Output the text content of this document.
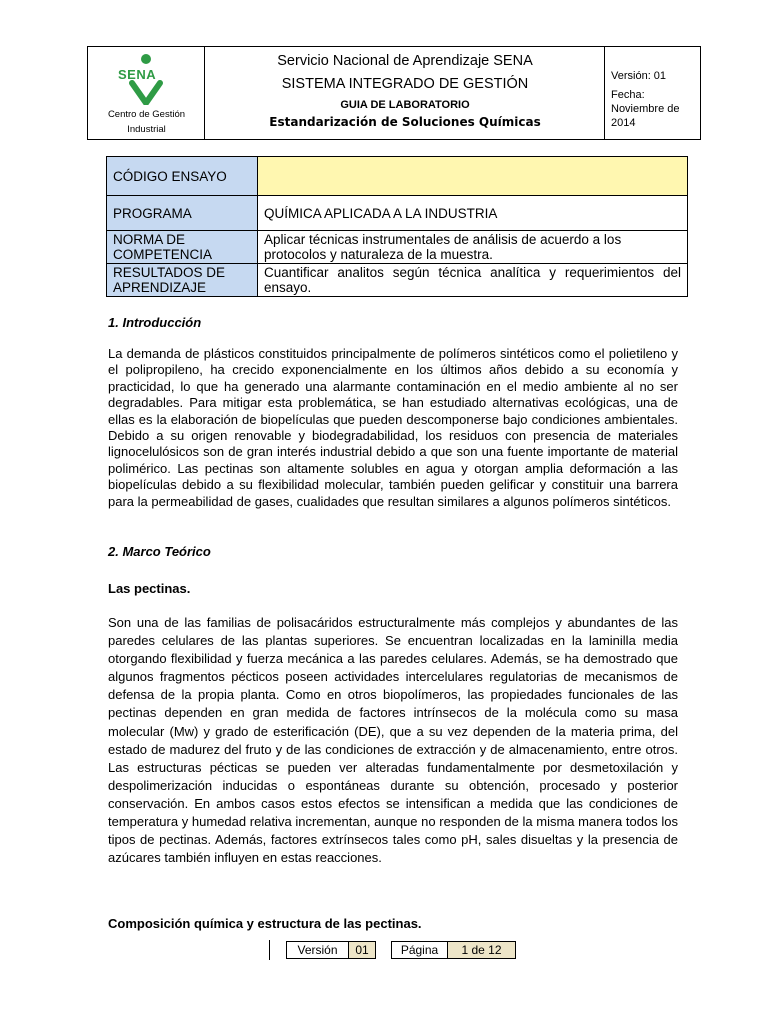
SENA
Centro de Gestión Industrial
Servicio Nacional de Aprendizaje SENA
SISTEMA INTEGRADO DE GESTIÓN
GUIA DE LABORATORIO
Estandarización de Soluciones Químicas
Versión: 01
Fecha:
Noviembre de 2014
CÓDIGO ENSAYO	
PROGRAMA	QUÍMICA APLICADA A LA INDUSTRIA
NORMA DE COMPETENCIA	Aplicar técnicas instrumentales de análisis de acuerdo a los protocolos y naturaleza de la muestra.
RESULTADOS DE APRENDIZAJE	Cuantificar analitos según técnica analítica y requerimientos del ensayo.
1. Introducción
La demanda de plásticos constituidos principalmente de polímeros sintéticos como el polietileno y el polipropileno, ha crecido exponencialmente en los últimos años debido a su economía y practicidad, lo que ha generado una alarmante contaminación en el medio ambiente al no ser degradables. Para mitigar esta problemática, se han estudiado alternativas ecológicas, una de ellas es la elaboración de biopelículas que pueden descomponerse bajo condiciones ambientales. Debido a su origen renovable y biodegradabilidad, los residuos con presencia de materiales lignocelulósicos son de gran interés industrial debido a que son una fuente importante de material polimérico. Las pectinas son altamente solubles en agua y otorgan amplia deformación a las biopelículas debido a su flexibilidad molecular, también pueden gelificar y constituir una barrera para la permeabilidad de gases, cualidades que resultan similares a algunos polímeros sintéticos.
2. Marco Teórico
Las pectinas.
Son una de las familias de polisacáridos estructuralmente más complejos y abundantes de las paredes celulares de las plantas superiores. Se encuentran localizadas en la laminilla media otorgando flexibilidad y fuerza mecánica a las paredes celulares. Además, se ha demostrado que algunos fragmentos pécticos poseen actividades intercelulares regulatorias de mecanismos de defensa de la propia planta. Como en otros biopolímeros, las propiedades funcionales de las pectinas dependen en gran medida de factores intrínsecos de la molécula como su masa molecular (Mw) y grado de esterificación (DE), que a su vez dependen de la materia prima, del estado de madurez del fruto y de las condiciones de extracción y de almacenamiento, entre otros. Las estructuras pécticas se pueden ver alteradas fundamentalmente por desmetoxilación y despolimerización inducidas o espontáneas durante su obtención, procesado y posterior conservación. En ambos casos estos efectos se intensifican a medida que las condiciones de temperatura y humedad relativa incrementan, aunque no responden de la misma manera todos los tipos de pectinas. Además, factores extrínsecos tales como pH, sales disueltas y la presencia de azúcares también influyen en estas reacciones.
Composición química y estructura de las pectinas.
Versión	01	Página	1 de 12
